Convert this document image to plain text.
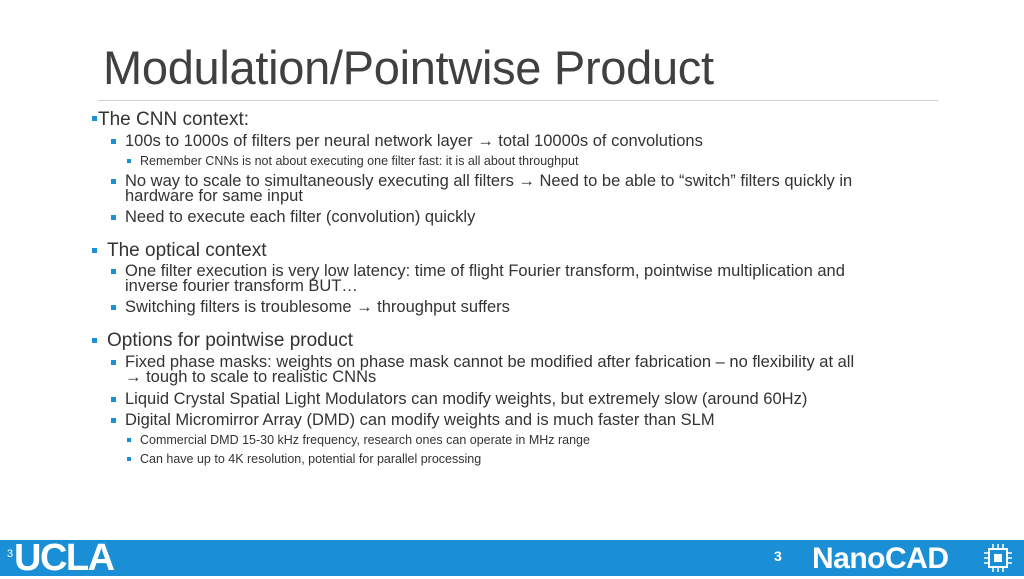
Modulation/Pointwise Product
The CNN context:
100s to 1000s of filters per neural network layer → total 10000s of convolutions
Remember CNNs is not about executing one filter fast: it is all about throughput
No way to scale to simultaneously executing all filters → Need to be able to “switch” filters quickly in
hardware for same input
Need to execute each filter (convolution) quickly
The optical context
One filter execution is very low latency: time of flight Fourier transform, pointwise multiplication and
inverse fourier transform BUT…
Switching filters is troublesome → throughput suffers
Options for pointwise product
Fixed phase masks: weights on phase mask cannot be modified after fabrication – no flexibility at all
→ tough to scale to realistic CNNs
Liquid Crystal Spatial Light Modulators can modify weights, but extremely slow (around 60Hz)
Digital Micromirror Array (DMD) can modify weights and is much faster than SLM
Commercial DMD 15-30 kHz frequency, research ones can operate in MHz range
Can have up to 4K resolution, potential for parallel processing
UCLA
3	3 NanoCAD
